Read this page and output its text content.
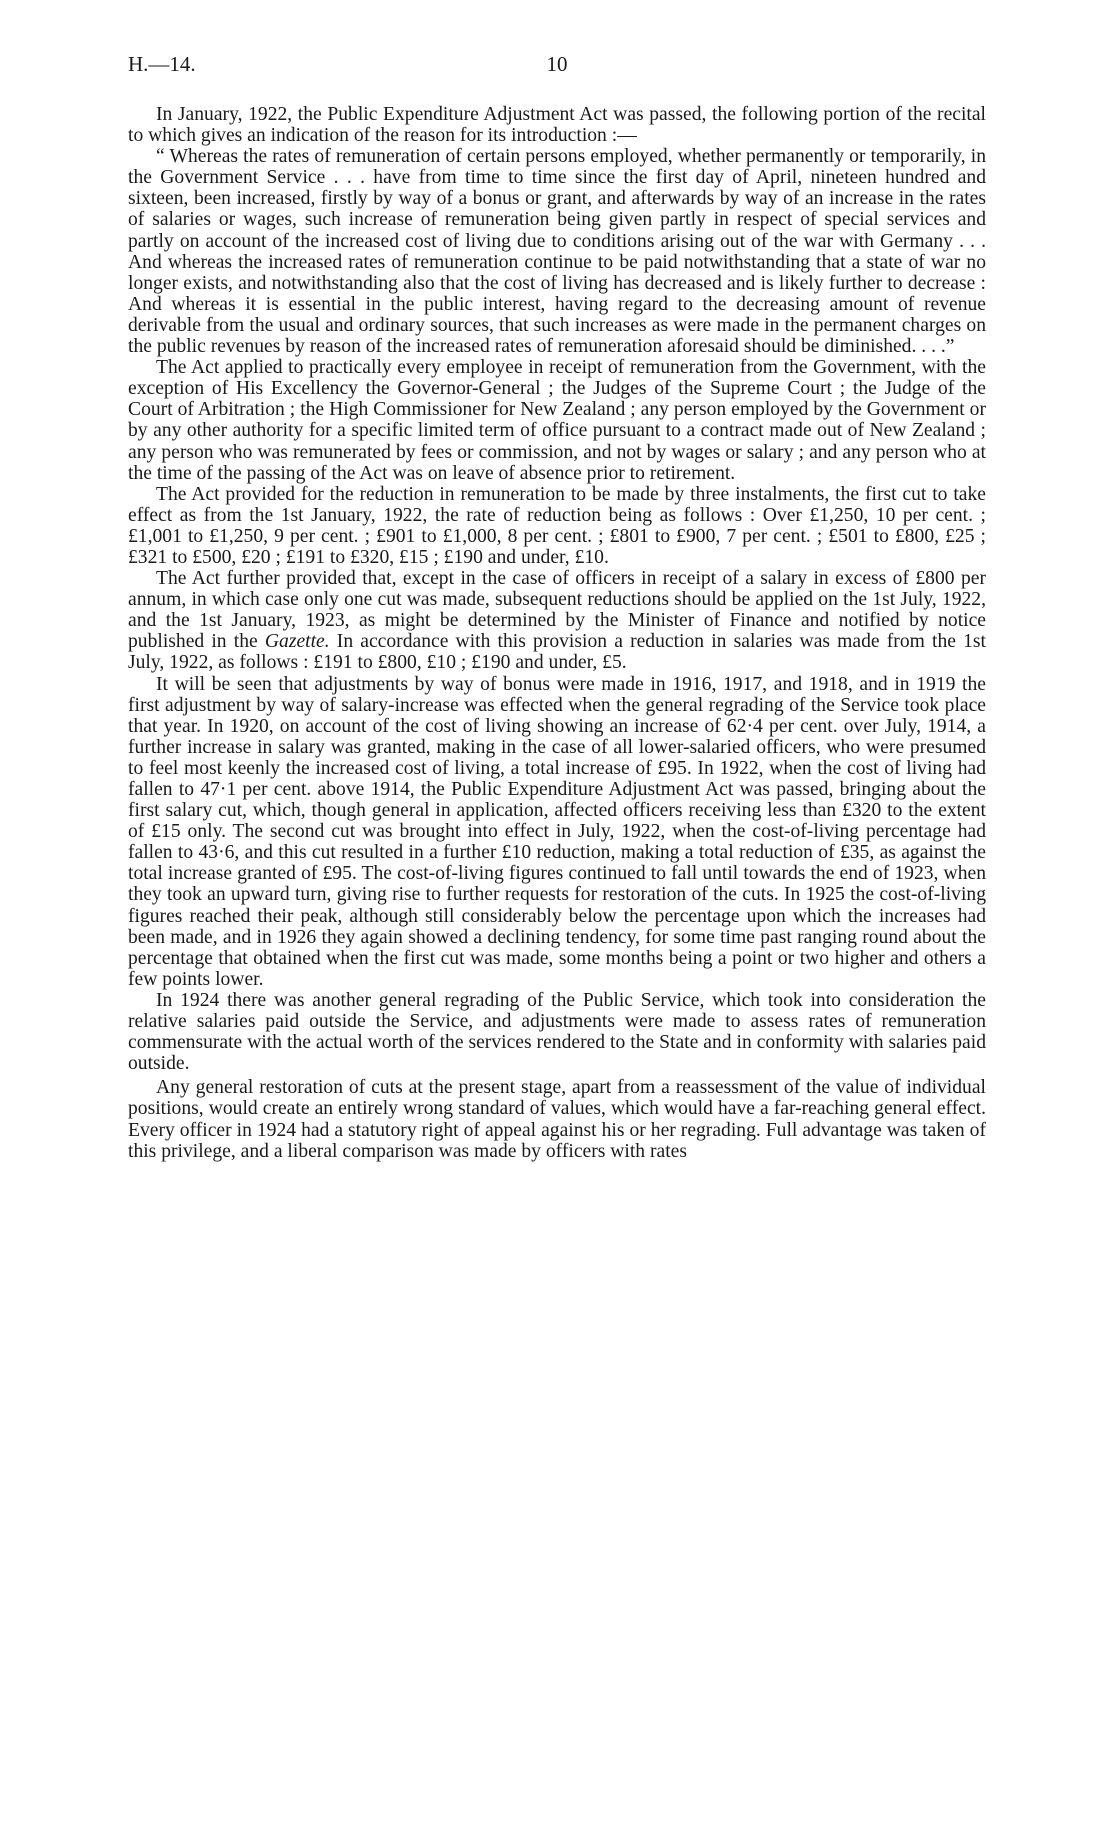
H.—14.	10

In January, 1922, the Public Expenditure Adjustment Act was passed, the following portion of the recital to which gives an indication of the reason for its introduction :—

“ Whereas the rates of remuneration of certain persons employed, whether permanently or temporarily, in the Government Service . . . have from time to time since the first day of April, nineteen hundred and sixteen, been increased, firstly by way of a bonus or grant, and afterwards by way of an increase in the rates of salaries or wages, such increase of remuneration being given partly in respect of special services and partly on account of the increased cost of living due to conditions arising out of the war with Germany . . . And whereas the increased rates of remuneration continue to be paid notwithstanding that a state of war no longer exists, and notwithstanding also that the cost of living has decreased and is likely further to decrease : And whereas it is essential in the public interest, having regard to the decreasing amount of revenue derivable from the usual and ordinary sources, that such increases as were made in the permanent charges on the public revenues by reason of the increased rates of remuneration aforesaid should be diminished. . . .”

The Act applied to practically every employee in receipt of remuneration from the Government, with the exception of His Excellency the Governor-General ; the Judges of the Supreme Court ; the Judge of the Court of Arbitration ; the High Commissioner for New Zealand ; any person employed by the Government or by any other authority for a specific limited term of office pursuant to a contract made out of New Zealand ; any person who was remunerated by fees or commission, and not by wages or salary ; and any person who at the time of the passing of the Act was on leave of absence prior to retirement.

The Act provided for the reduction in remuneration to be made by three instalments, the first cut to take effect as from the 1st January, 1922, the rate of reduction being as follows : Over £1,250, 10 per cent. ; £1,001 to £1,250, 9 per cent. ; £901 to £1,000, 8 per cent. ; £801 to £900, 7 per cent. ; £501 to £800, £25 ; £321 to £500, £20 ; £191 to £320, £15 ; £190 and under, £10.

The Act further provided that, except in the case of officers in receipt of a salary in excess of £800 per annum, in which case only one cut was made, subsequent reductions should be applied on the 1st July, 1922, and the 1st January, 1923, as might be determined by the Minister of Finance and notified by notice published in the Gazette. In accordance with this provision a reduction in salaries was made from the 1st July, 1922, as follows : £191 to £800, £10 ; £190 and under, £5.

It will be seen that adjustments by way of bonus were made in 1916, 1917, and 1918, and in 1919 the first adjustment by way of salary-increase was effected when the general regrading of the Service took place that year. In 1920, on account of the cost of living showing an increase of 62·4 per cent. over July, 1914, a further increase in salary was granted, making in the case of all lower-salaried officers, who were presumed to feel most keenly the increased cost of living, a total increase of £95. In 1922, when the cost of living had fallen to 47·1 per cent. above 1914, the Public Expenditure Adjustment Act was passed, bringing about the first salary cut, which, though general in application, affected officers receiving less than £320 to the extent of £15 only. The second cut was brought into effect in July, 1922, when the cost-of-living percentage had fallen to 43·6, and this cut resulted in a further £10 reduction, making a total reduction of £35, as against the total increase granted of £95. The cost-of-living figures continued to fall until towards the end of 1923, when they took an upward turn, giving rise to further requests for restoration of the cuts. In 1925 the cost-of-living figures reached their peak, although still considerably below the percentage upon which the increases had been made, and in 1926 they again showed a declining tendency, for some time past ranging round about the percentage that obtained when the first cut was made, some months being a point or two higher and others a few points lower.

In 1924 there was another general regrading of the Public Service, which took into consideration the relative salaries paid outside the Service, and adjustments were made to assess rates of remuneration commensurate with the actual worth of the services rendered to the State and in conformity with salaries paid outside.

Any general restoration of cuts at the present stage, apart from a reassessment of the value of individual positions, would create an entirely wrong standard of values, which would have a far-reaching general effect. Every officer in 1924 had a statutory right of appeal against his or her regrading. Full advantage was taken of this privilege, and a liberal comparison was made by officers with rates
